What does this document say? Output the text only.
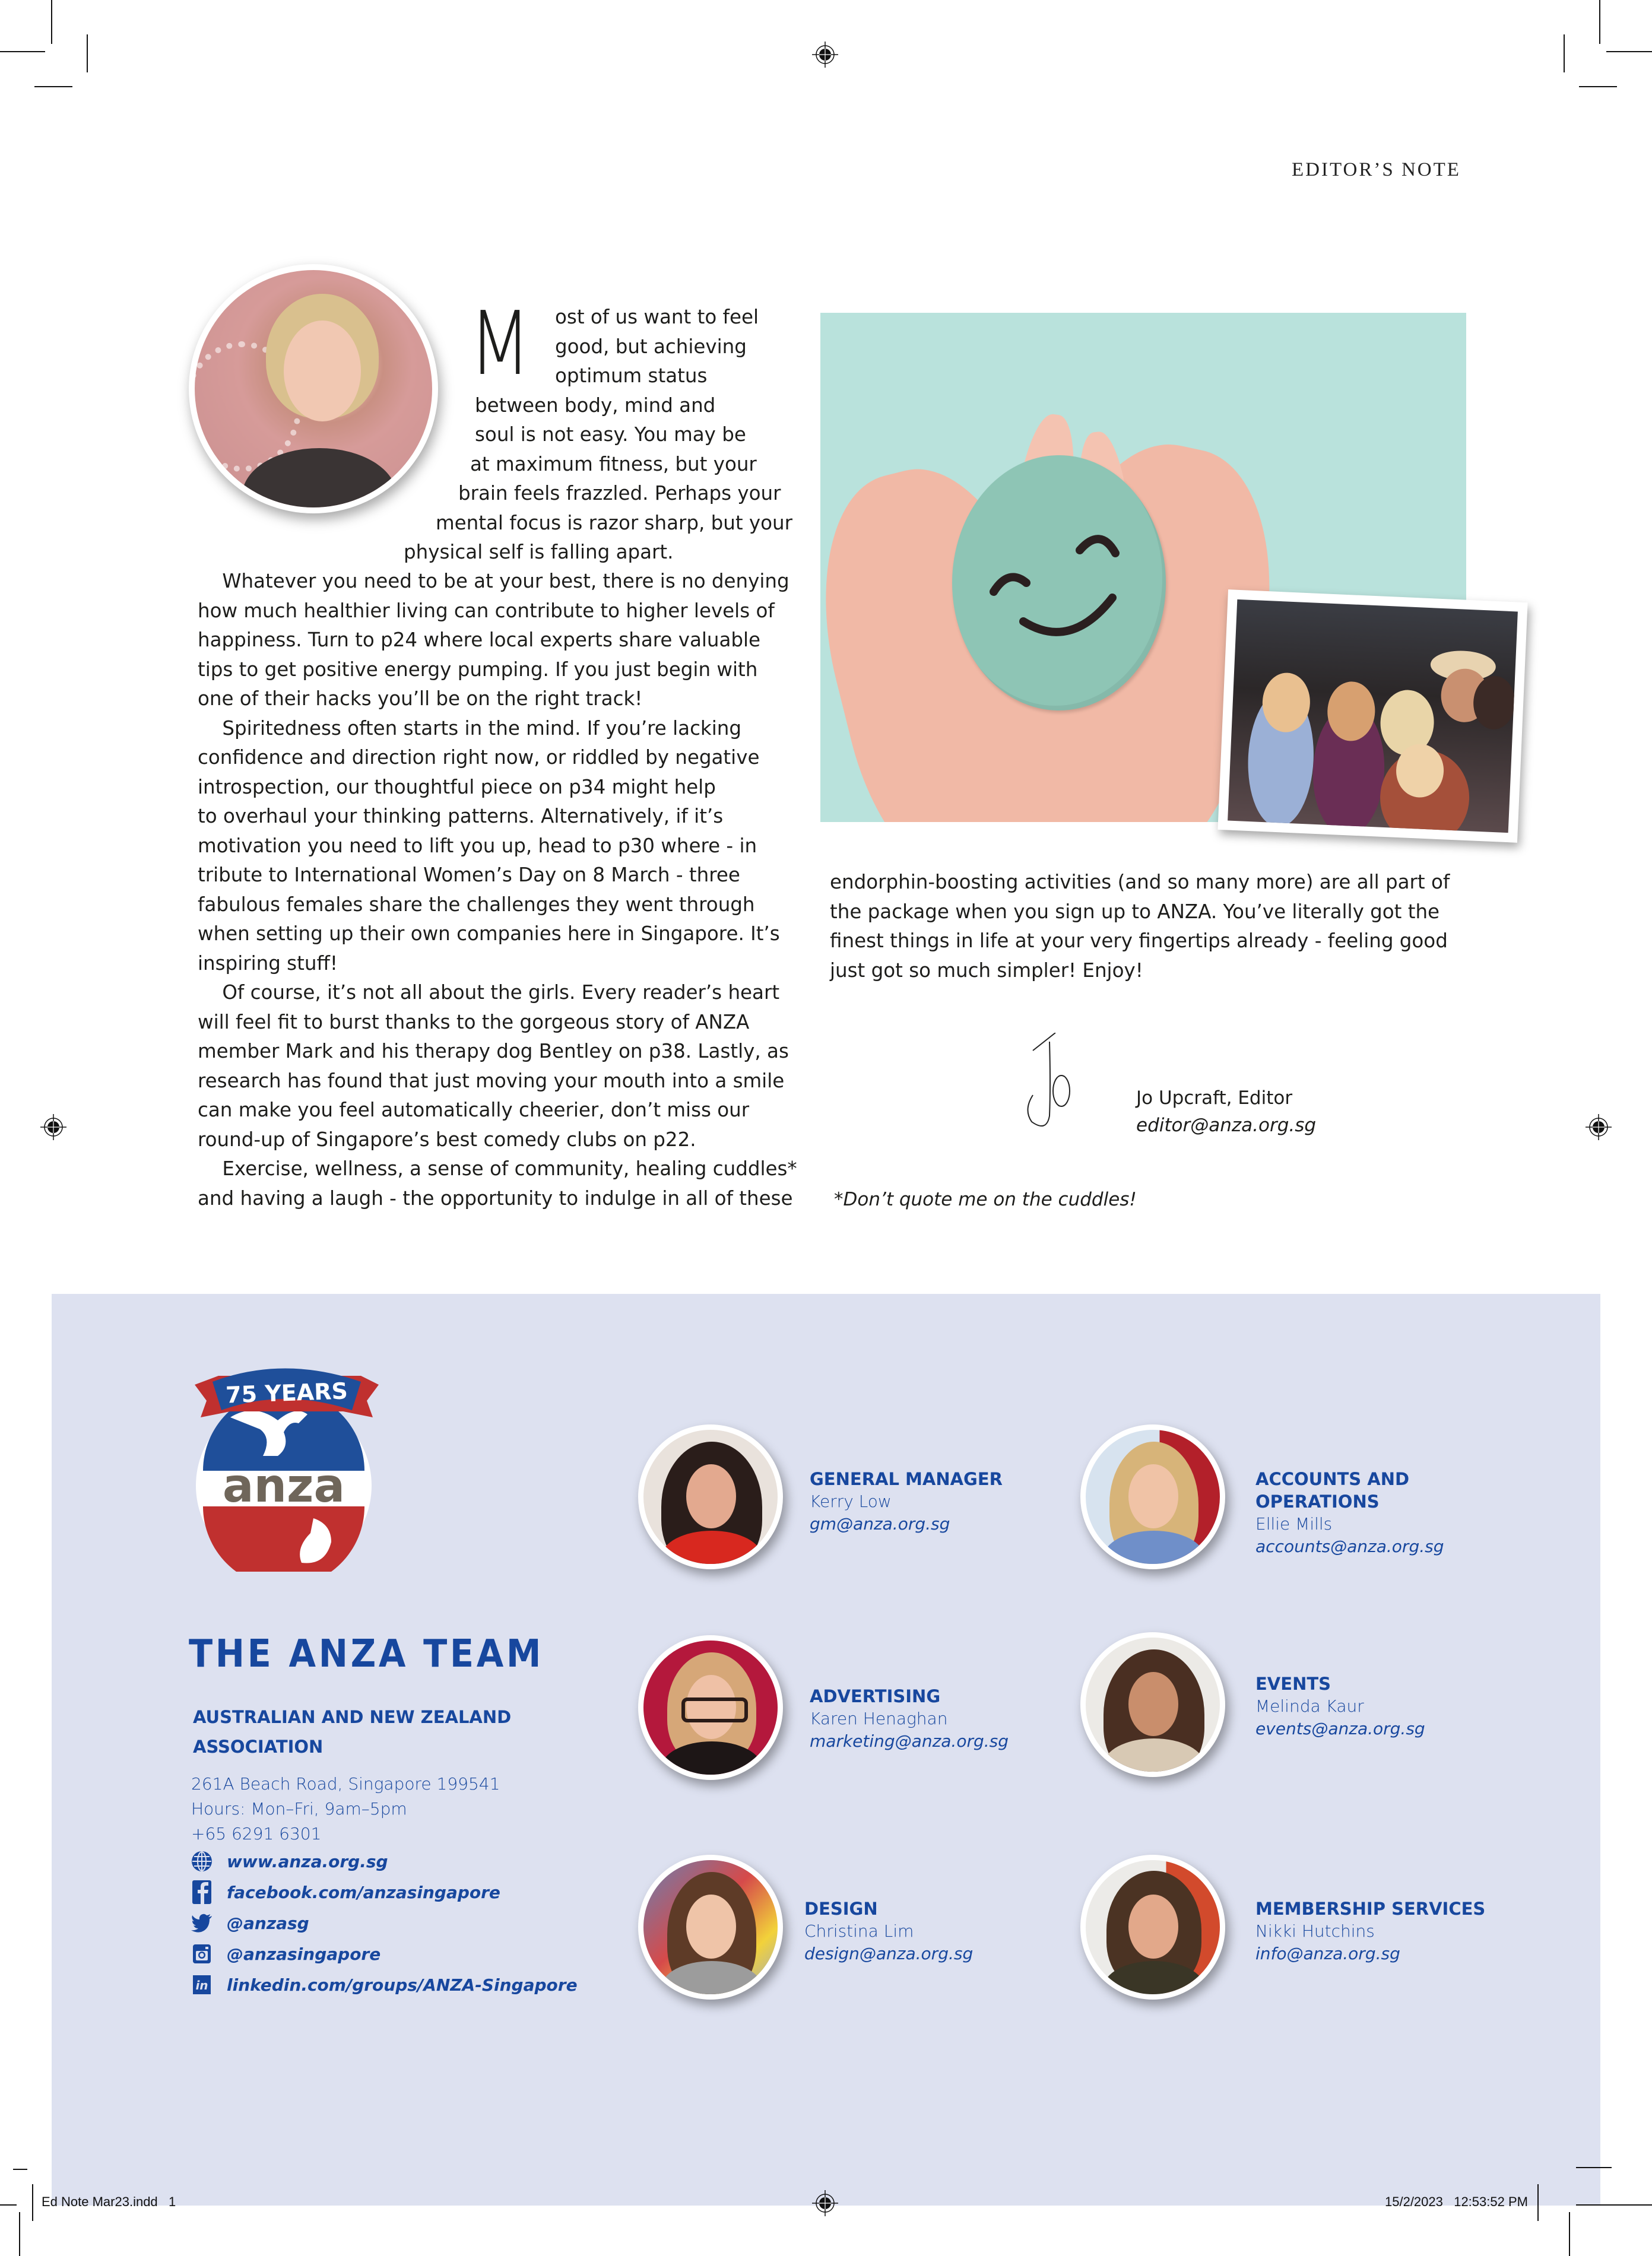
EDITOR’S NOTE
M ost of us want to feel

good, but achieving

optimum status

between body, mind and

soul is not easy. You may be

at maximum fitness, but your

brain feels frazzled. Perhaps your

mental focus is razor sharp, but your

physical self is falling apart.

Whatever you need to be at your best, there is no denying

how much healthier living can contribute to higher levels of

happiness. Turn to p24 where local experts share valuable

tips to get positive energy pumping. If you just begin with

one of their hacks you’ll be on the right track!

Spiritedness often starts in the mind. If you’re lacking

confidence and direction right now, or riddled by negative

introspection, our thoughtful piece on p34 might help

to overhaul your thinking patterns. Alternatively, if it’s

motivation you need to lift you up, head to p30 where - in

tribute to International Women’s Day on 8 March - three

fabulous females share the challenges they went through

when setting up their own companies here in Singapore. It’s

inspiring stuff!

Of course, it’s not all about the girls. Every reader’s heart

will feel fit to burst thanks to the gorgeous story of ANZA

member Mark and his therapy dog Bentley on p38. Lastly, as

research has found that just moving your mouth into a smile

can make you feel automatically cheerier, don’t miss our

round-up of Singapore’s best comedy clubs on p22.

Exercise, wellness, a sense of community, healing cuddles*

and having a laugh - the opportunity to indulge in all of these

endorphin-boosting activities (and so many more) are all part of

the package when you sign up to ANZA. You’ve literally got the

finest things in life at your very fingertips already - feeling good

just got so much simpler! Enjoy!

Jo Upcraft, Editor
editor@anza.org.sg
*Don’t quote me on the cuddles!
anza
75 YEARS
THE ANZA TEAM
AUSTRALIAN AND NEW ZEALAND ASSOCIATION
261A Beach Road, Singapore 199541
Hours: Mon–Fri, 9am–5pm
+65 6291 6301
www.anza.org.sg
facebook.com/anzasingapore
@anzasg
@anzasingapore
in linkedin.com/groups/ANZA-Singapore
GENERAL MANAGER
Kerry Low
gm@anza.org.sg
ACCOUNTS AND OPERATIONS
Ellie Mills
accounts@anza.org.sg
ADVERTISING
Karen Henaghan
marketing@anza.org.sg
EVENTS
Melinda Kaur
events@anza.org.sg
DESIGN
Christina Lim
design@anza.org.sg
MEMBERSHIP SERVICES
Nikki Hutchins
info@anza.org.sg
Ed Note Mar23.indd   1	15/2/2023   12:53:52 PM
